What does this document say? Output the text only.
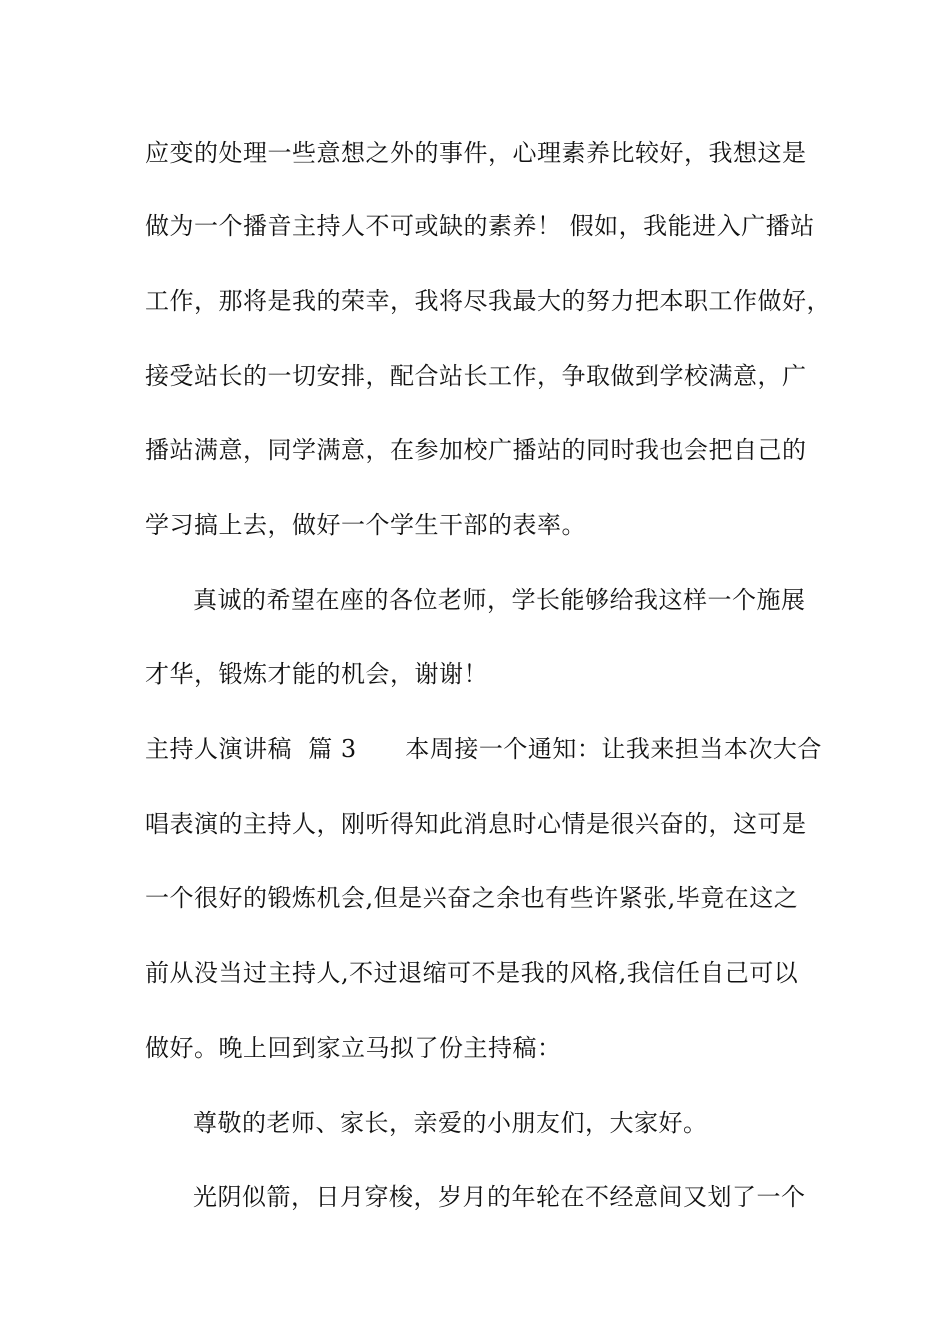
应变的处理一些意想之外的事件，心理素养比较好，我想这是
做为一个播音主持人不可或缺的素养！ 假如，我能进入广播站
工作，那将是我的荣幸，我将尽我最大的努力把本职工作做好，
接受站长的一切安排，配合站长工作，争取做到学校满意，广
播站满意，同学满意，在参加校广播站的同时我也会把自己的
学习搞上去，做好一个学生干部的表率。
真诚的希望在座的各位老师，学长能够给我这样一个施展
才华，锻炼才能的机会，谢谢！
主持人演讲稿  篇 3      本周接一个通知：让我来担当本次大合
唱表演的主持人，刚听得知此消息时心情是很兴奋的，这可是
一个很好的锻炼机会,但是兴奋之余也有些许紧张,毕竟在这之
前从没当过主持人,不过退缩可不是我的风格,我信任自己可以
做好。晚上回到家立马拟了份主持稿：
尊敬的老师、家长，亲爱的小朋友们，大家好。
光阴似箭，日月穿梭，岁月的年轮在不经意间又划了一个
